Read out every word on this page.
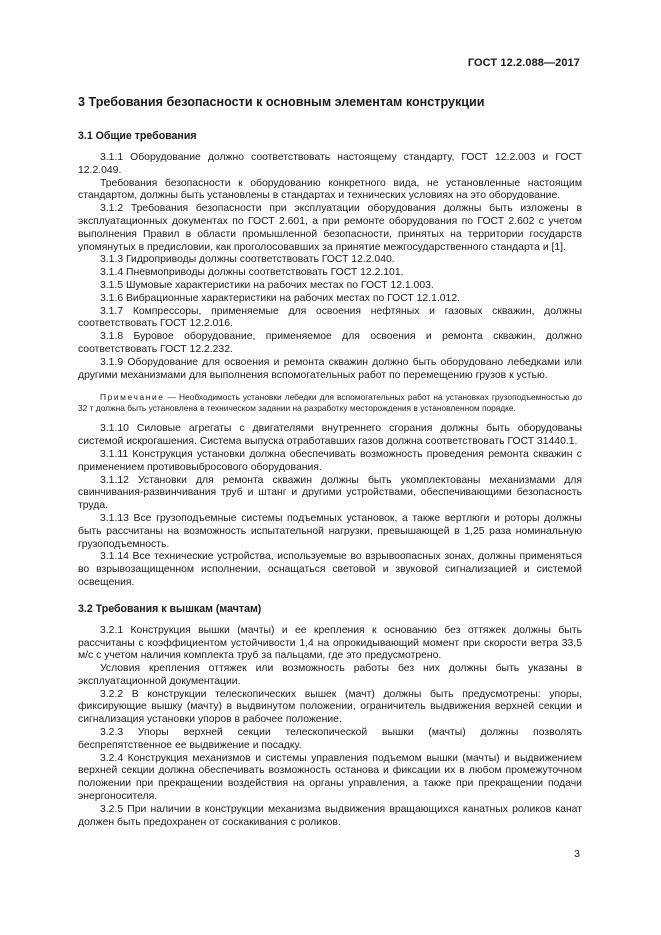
ГОСТ 12.2.088—2017
3 Требования безопасности к основным элементам конструкции
3.1 Общие требования

3.1.1 Оборудование должно соответствовать настоящему стандарту, ГОСТ 12.2.003 и ГОСТ 12.2.049.

Требования безопасности к оборудованию конкретного вида, не установленные настоящим стандартом, должны быть установлены в стандартах и технических условиях на это оборудование.

3.1.2 Требования безопасности при эксплуатации оборудования должны быть изложены в эксплуатационных документах по ГОСТ 2.601, а при ремонте оборудования по ГОСТ 2.602 с учетом выполнения Правил в области промышленной безопасности, принятых на территории государств упомянутых в предисловии, как проголосовавших за принятие межгосударственного стандарта и [1].

3.1.3 Гидроприводы должны соответствовать ГОСТ 12.2.040.

3.1.4 Пневмоприводы должны соответствовать ГОСТ 12.2.101.

3.1.5 Шумовые характеристики на рабочих местах по ГОСТ 12.1.003.

3.1.6 Вибрационные характеристики на рабочих местах по ГОСТ 12.1.012.

3.1.7 Компрессоры, применяемые для освоения нефтяных и газовых скважин, должны соответствовать ГОСТ 12.2.016.

3.1.8 Буровое оборудование, применяемое для освоения и ремонта скважин, должно соответствовать ГОСТ 12.2.232.

3.1.9 Оборудование для освоения и ремонта скважин должно быть оборудовано лебедками или другими механизмами для выполнения вспомогательных работ по перемещению грузов к устью.

Примечание — Необходимость установки лебедки для вспомогательных работ на установках грузоподъемностью до 32 т должна быть установлена в техническом задании на разработку месторождения в установленном порядке.

3.1.10 Силовые агрегаты с двигателями внутреннего сгорания должны быть оборудованы системой искрогашения. Система выпуска отработавших газов должна соответствовать ГОСТ 31440.1.

3.1.11 Конструкция установки должна обеспечивать возможность проведения ремонта скважин с применением противовыбросового оборудования.

3.1.12 Установки для ремонта скважин должны быть укомплектованы механизмами для свинчивания-развинчивания труб и штанг и другими устройствами, обеспечивающими безопасность труда.

3.1.13 Все грузоподъемные системы подъемных установок, а также вертлюги и роторы должны быть рассчитаны на возможность испытательной нагрузки, превышающей в 1,25 раза номинальную грузоподъемность.

3.1.14 Все технические устройства, используемые во взрывоопасных зонах, должны применяться во взрывозащищенном исполнении, оснащаться световой и звуковой сигнализацией и системой освещения.

3.2 Требования к вышкам (мачтам)

3.2.1 Конструкция вышки (мачты) и ее крепления к основанию без оттяжек должны быть рассчитаны с коэффициентом устойчивости 1,4 на опрокидывающий момент при скорости ветра 33,5 м/с с учетом наличия комплекта труб за пальцами, где это предусмотрено.

Условия крепления оттяжек или возможность работы без них должны быть указаны в эксплуатационной документации.

3.2.2 В конструкции телескопических вышек (мачт) должны быть предусмотрены: упоры, фиксирующие вышку (мачту) в выдвинутом положении, ограничитель выдвижения верхней секции и сигнализация установки упоров в рабочее положение.

3.2.3 Упоры верхней секции телескопической вышки (мачты) должны позволять беспрепятственное ее выдвижение и посадку.

3.2.4 Конструкция механизмов и системы управления подъемом вышки (мачты) и выдвижением верхней секции должна обеспечивать возможность останова и фиксации их в любом промежуточном положении при прекращении воздействия на органы управления, а также при прекращении подачи энергоносителя.

3.2.5 При наличии в конструкции механизма выдвижения вращающихся канатных роликов канат должен быть предохранен от соскакивания с роликов.

3
